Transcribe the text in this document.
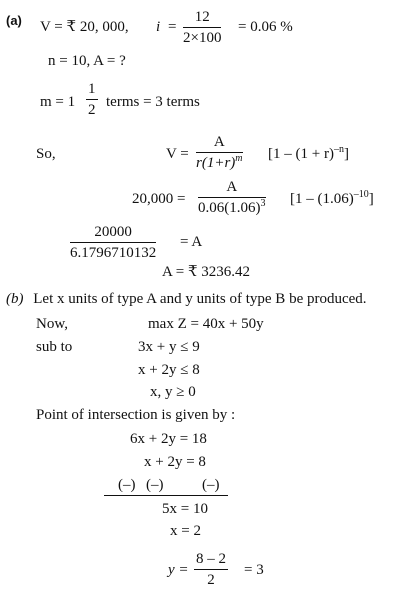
(a) V = ₹ 20, 000, $i = \frac{12}{2\times 100} = 0.06$ %
n = 10, A = ?
$m = 1 \frac{1}{2}$ terms = 3 terms
So,	$V = \frac{A}{r(1+r)^m} [1 - (1 + r)^{-n}]$
$20,000 = \frac{A}{0.06(1.06)^3} [1 - (1.06)^{-10}]$
$\frac{20000}{6.1796710132} = A$
A = ₹ 3236.42
(b) Let x units of type A and y units of type B be produced.
Now,	max Z = 40x + 50y
sub to	3x + y ≤ 9
x + 2y ≤ 8
x, y ≥ 0
Point of intersection is given by :
6x + 2y = 18
x + 2y = 8
(–) (–)	(–)
5x = 10
x = 2
$y = \frac{8 - 2}{2} = 3$
